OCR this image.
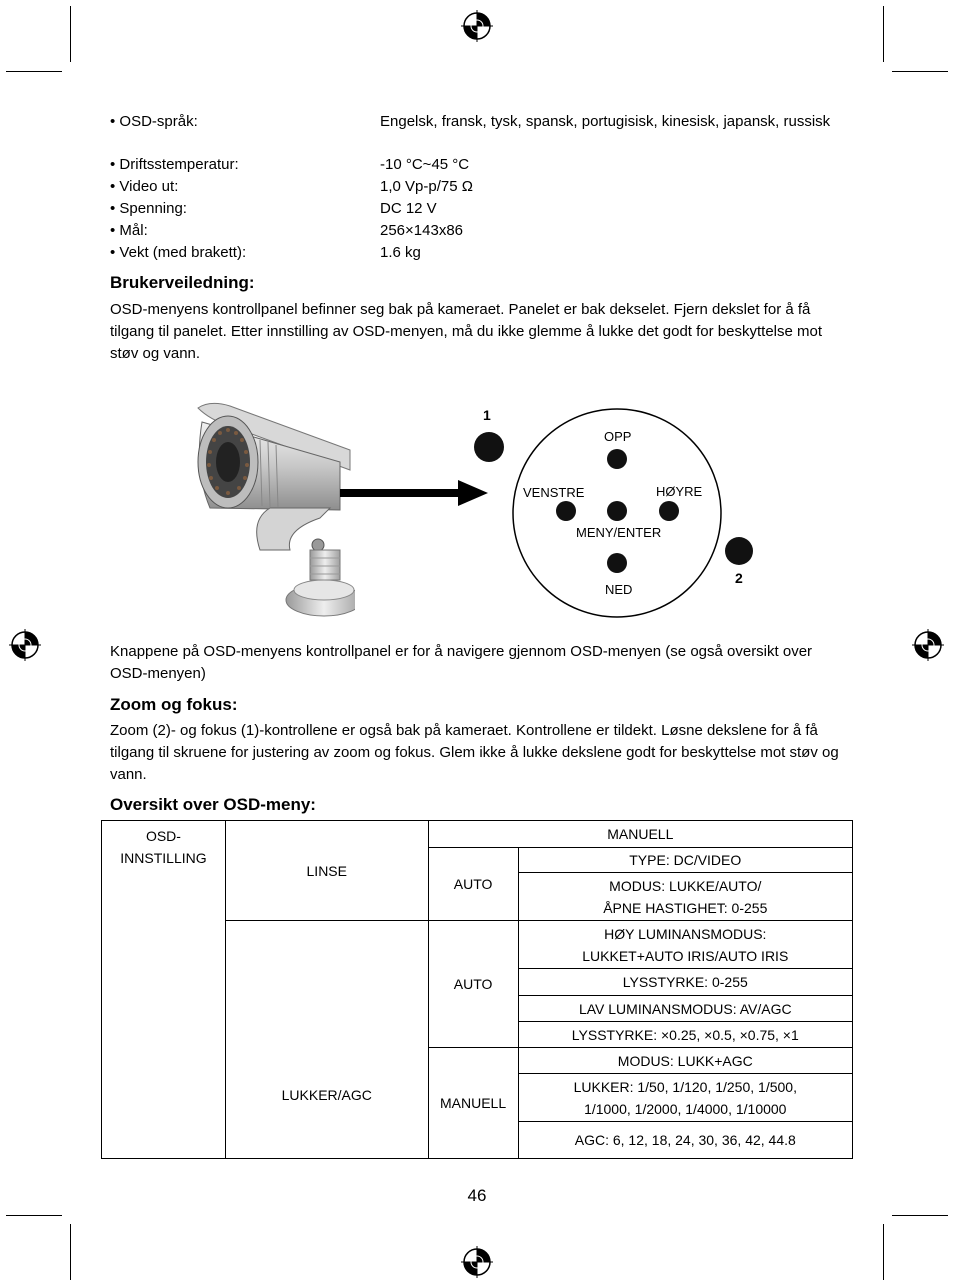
• OSD-språk:	Engelsk, fransk, tysk, spansk, portugisisk, kinesisk, japansk, russisk
• Driftsstemperatur:	-10 °C~45 °C
• Video ut:	1,0 Vp-p/75 Ω
• Spenning:	DC 12 V
• Mål:	256×143x86
• Vekt (med brakett):	1.6 kg
Brukerveiledning:

OSD-menyens kontrollpanel befinner seg bak på kameraet. Panelet er bak dekselet. Fjern dekslet for å få tilgang til panelet. Etter innstilling av OSD-menyen, må du ikke glemme å lukke det godt for beskyttelse mot støv og vann.

1
2
OPP
VENSTRE	HØYRE
MENY/ENTER
NED

Knappene på OSD-menyens kontrollpanel er for å navigere gjennom OSD-menyen (se også oversikt over OSD-menyen)

Zoom og fokus:

Zoom (2)- og fokus (1)-kontrollene er også bak på kameraet. Kontrollene er tildekt. Løsne dekslene for å få tilgang til skruene for justering av zoom og fokus. Glem ikke å lukke dekslene godt for beskyttelse mot støv og vann.

Oversikt over OSD-meny:
OSD-
INNSTILLING	LINSE	MANUELL	
		AUTO	TYPE: DC/VIDEO
			MODUS: LUKKE/AUTO/
ÅPNE HASTIGHET: 0-255
	LUKKER/AGC	AUTO	HØY LUMINANSMODUS:
LUKKET+AUTO IRIS/AUTO IRIS
			LYSSTYRKE: 0-255
			LAV LUMINANSMODUS: AV/AGC
			LYSSTYRKE: ×0.25, ×0.5, ×0.75, ×1
		MANUELL	MODUS: LUKK+AGC
			LUKKER: 1/50, 1/120, 1/250, 1/500,
1/1000, 1/2000, 1/4000, 1/10000
			AGC: 6, 12, 18, 24, 30, 36, 42, 44.8
46
